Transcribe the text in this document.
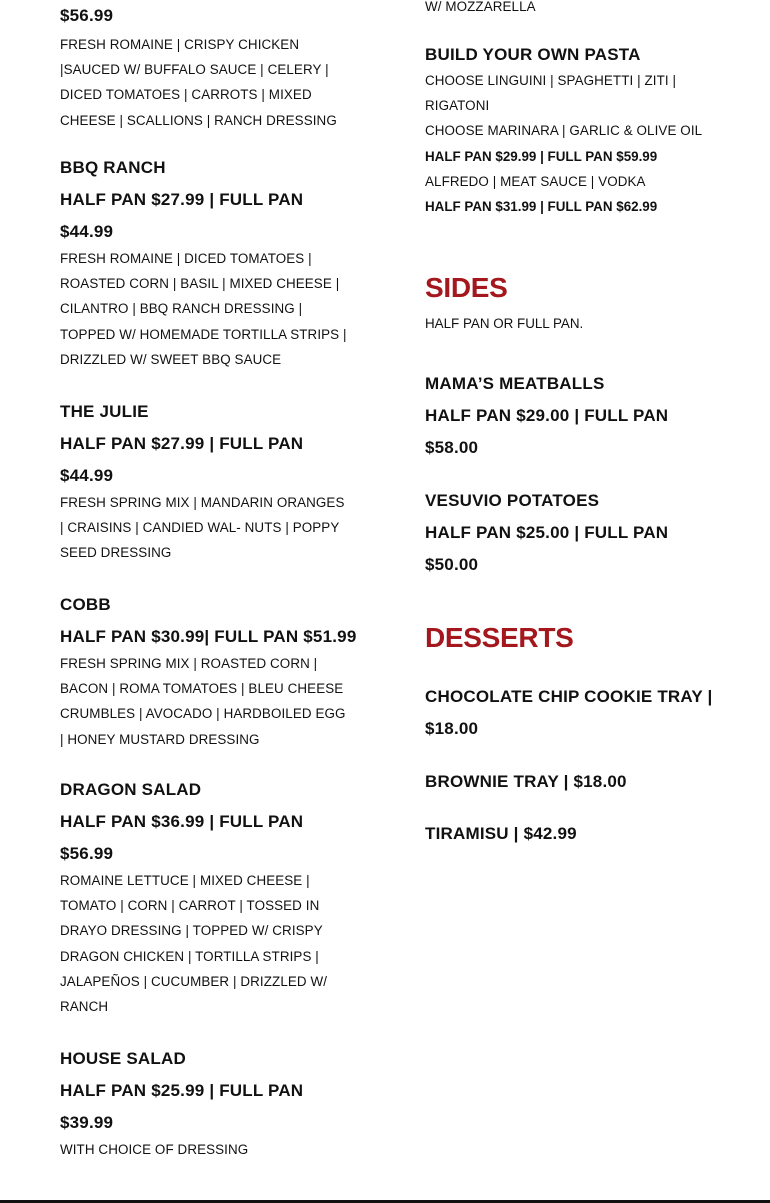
$56.99

FRESH ROMAINE | CRISPY CHICKEN |SAUCED W/ BUFFALO SAUCE | CELERY | DICED TOMATOES | CARROTS | MIXED CHEESE | SCALLIONS | RANCH DRESSING

BBQ RANCH

HALF PAN $27.99 | FULL PAN $44.99

FRESH ROMAINE | DICED TOMATOES | ROASTED CORN | BASIL | MIXED CHEESE | CILANTRO | BBQ RANCH DRESSING | TOPPED W/ HOMEMADE TORTILLA STRIPS | DRIZZLED W/ SWEET BBQ SAUCE

THE JULIE

HALF PAN $27.99 | FULL PAN $44.99

FRESH SPRING MIX | MANDARIN ORANGES | CRAISINS | CANDIED WAL- NUTS | POPPY SEED DRESSING

COBB

HALF PAN $30.99| FULL PAN $51.99

FRESH SPRING MIX | ROASTED CORN | BACON | ROMA TOMATOES | BLEU CHEESE CRUMBLES | AVOCADO | HARDBOILED EGG | HONEY MUSTARD DRESSING

DRAGON SALAD

HALF PAN $36.99 | FULL PAN $56.99

ROMAINE LETTUCE | MIXED CHEESE | TOMATO | CORN | CARROT | TOSSED IN DRAYO DRESSING | TOPPED W/ CRISPY DRAGON CHICKEN | TORTILLA STRIPS | JALAPEÑOS | CUCUMBER | DRIZZLED W/ RANCH

HOUSE SALAD

HALF PAN $25.99 | FULL PAN $39.99

WITH CHOICE OF DRESSING

W/ MOZZARELLA

BUILD YOUR OWN PASTA

CHOOSE LINGUINI | SPAGHETTI | ZITI | RIGATONI

CHOOSE MARINARA | GARLIC & OLIVE OIL

HALF PAN $29.99 | FULL PAN $59.99

ALFREDO | MEAT SAUCE | VODKA

HALF PAN $31.99 | FULL PAN $62.99

SIDES

HALF PAN OR FULL PAN.

MAMA’S MEATBALLS

HALF PAN $29.00 | FULL PAN $58.00

VESUVIO POTATOES

HALF PAN $25.00 | FULL PAN $50.00

DESSERTS

CHOCOLATE CHIP COOKIE TRAY | $18.00

BROWNIE TRAY | $18.00

TIRAMISU | $42.99
